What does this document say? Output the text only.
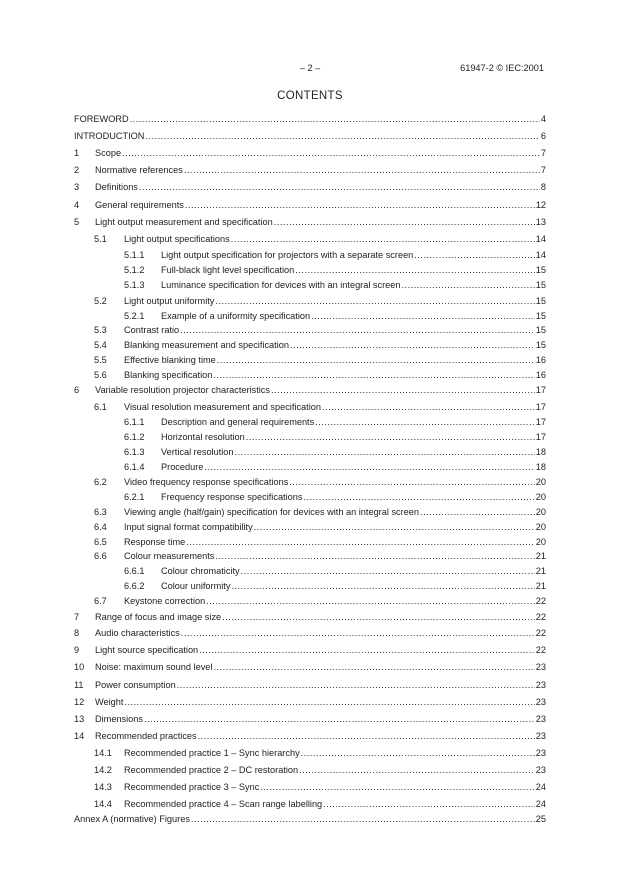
– 2 –	61947-2 © IEC:2001
CONTENTS
FOREWORD .....	4
INTRODUCTION .....	6
1	Scope .....	7
2	Normative references .....	7
3	Definitions .....	8
4	General requirements .....	12
5	Light output measurement and specification .....	13
5.1	Light output specifications .....	14
5.1.1	Light output specification for projectors with a separate screen .....	14
5.1.2	Full-black light level specification .....	15
5.1.3	Luminance specification for devices with an integral screen .....	15
5.2	Light output uniformity .....	15
5.2.1	Example of a uniformity specification .....	15
5.3	Contrast ratio .....	15
5.4	Blanking measurement and specification .....	15
5.5	Effective blanking time .....	16
5.6	Blanking specification .....	16
6	Variable resolution projector characteristics .....	17
6.1	Visual resolution measurement and specification .....	17
6.1.1	Description and general requirements .....	17
6.1.2	Horizontal resolution .....	17
6.1.3	Vertical resolution .....	18
6.1.4	Procedure .....	18
6.2	Video frequency response specifications .....	20
6.2.1	Frequency response specifications .....	20
6.3	Viewing angle (half/gain) specification for devices with an integral screen .....	20
6.4	Input signal format compatibility .....	20
6.5	Response time .....	20
6.6	Colour measurements .....	21
6.6.1	Colour chromaticity .....	21
6.6.2	Colour uniformity .....	21
6.7	Keystone correction .....	22
7	Range of focus and image size .....	22
8	Audio characteristics .....	22
9	Light source specification .....	22
10	Noise: maximum sound level .....	23
11	Power consumption .....	23
12	Weight .....	23
13	Dimensions .....	23
14	Recommended practices .....	23
14.1	Recommended practice 1 – Sync hierarchy .....	23
14.2	Recommended practice 2 – DC restoration .....	23
14.3	Recommended practice 3 – Sync .....	24
14.4	Recommended practice 4 – Scan range labelling .....	24
Annex A (normative) Figures .....	25
